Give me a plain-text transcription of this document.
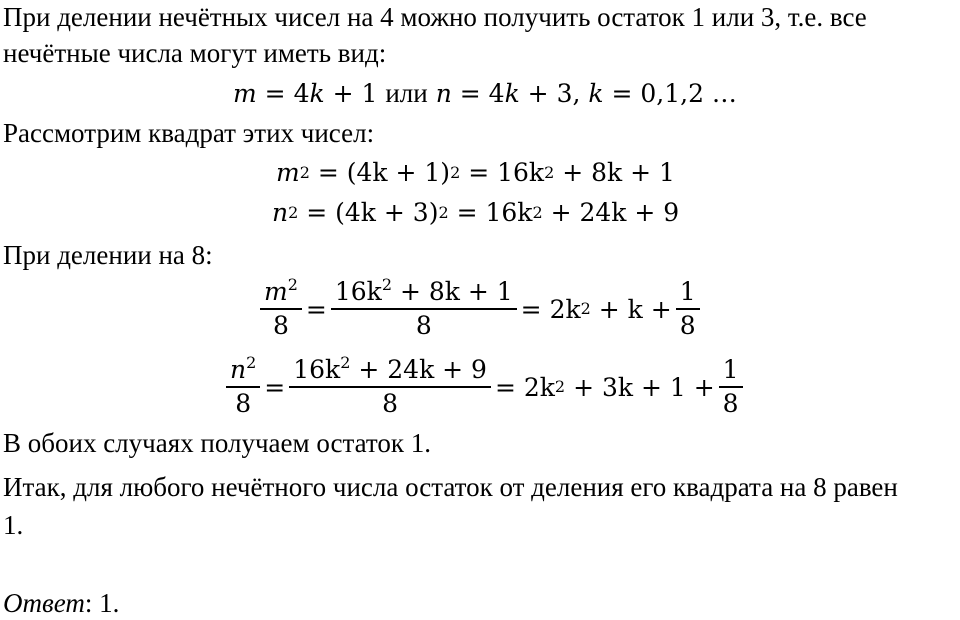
При делении нечётных чисел на 4 можно получить остаток 1 или 3, т.е. все
нечётные числа могут иметь вид:
m
= 4 k
+ 1
или
n
= 4 k
+ 3,
k
= 0,1,2 …
Рассмотрим квадрат этих чисел:
m 2
= (4k + 1) 2
= 16k 2
+ 8k + 1
n 2
= (4k + 3) 2
= 16k 2
+ 24k + 9
При делении на 8:
$\frac{m^2}{8} = \frac{16k^2 + 8k + 1}{8} = 2k$ 2
+ $k + \frac{1}{8}$
$\frac{n^2}{8} = \frac{16k^2 + 24k + 9}{8} = 2k$ 2
+ $3k + 1 + \frac{1}{8}$
В обоих случаях получаем остаток 1.
Итак, для любого нечётного числа остаток от деления его квадрата на 8 равен
1.
Ответ: 1.
